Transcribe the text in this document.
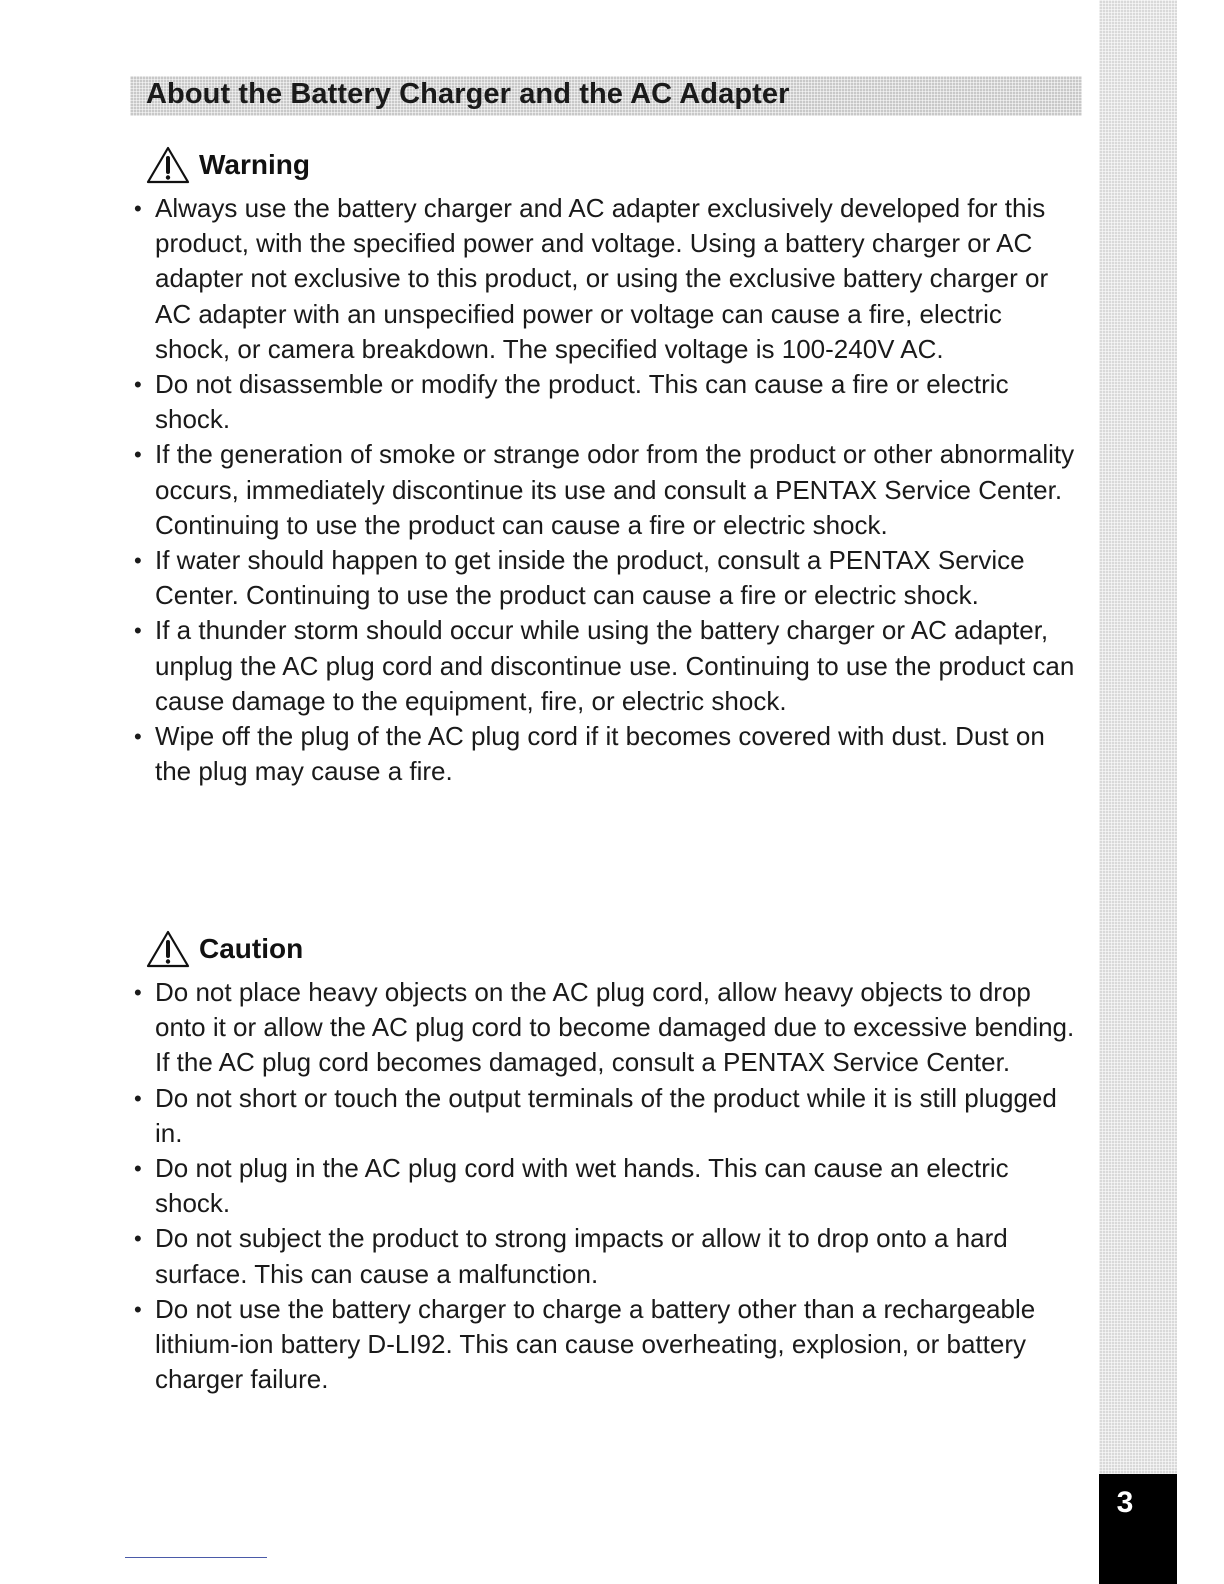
3
About the Battery Charger and the AC Adapter
Warning
• Always use the battery charger and AC adapter exclusively developed for this product, with the specified power and voltage. Using a battery charger or AC adapter not exclusive to this product, or using the exclusive battery charger or AC adapter with an unspecified power or voltage can cause a fire, electric shock, or camera breakdown. The specified voltage is 100-240V AC.
• Do not disassemble or modify the product. This can cause a fire or electric shock.
• If the generation of smoke or strange odor from the product or other abnormality occurs, immediately discontinue its use and consult a PENTAX Service Center. Continuing to use the product can cause a fire or electric shock.
• If water should happen to get inside the product, consult a PENTAX Service Center. Continuing to use the product can cause a fire or electric shock.
• If a thunder storm should occur while using the battery charger or AC adapter, unplug the AC plug cord and discontinue use. Continuing to use the product can cause damage to the equipment, fire, or electric shock.
• Wipe off the plug of the AC plug cord if it becomes covered with dust. Dust on the plug may cause a fire.
Caution
• Do not place heavy objects on the AC plug cord, allow heavy objects to drop onto it or allow the AC plug cord to become damaged due to excessive bending. If the AC plug cord becomes damaged, consult a PENTAX Service Center.
• Do not short or touch the output terminals of the product while it is still plugged in.
• Do not plug in the AC plug cord with wet hands. This can cause an electric shock.
• Do not subject the product to strong impacts or allow it to drop onto a hard surface. This can cause a malfunction.
• Do not use the battery charger to charge a battery other than a rechargeable lithium-ion battery D-LI92. This can cause overheating, explosion, or battery charger failure.
